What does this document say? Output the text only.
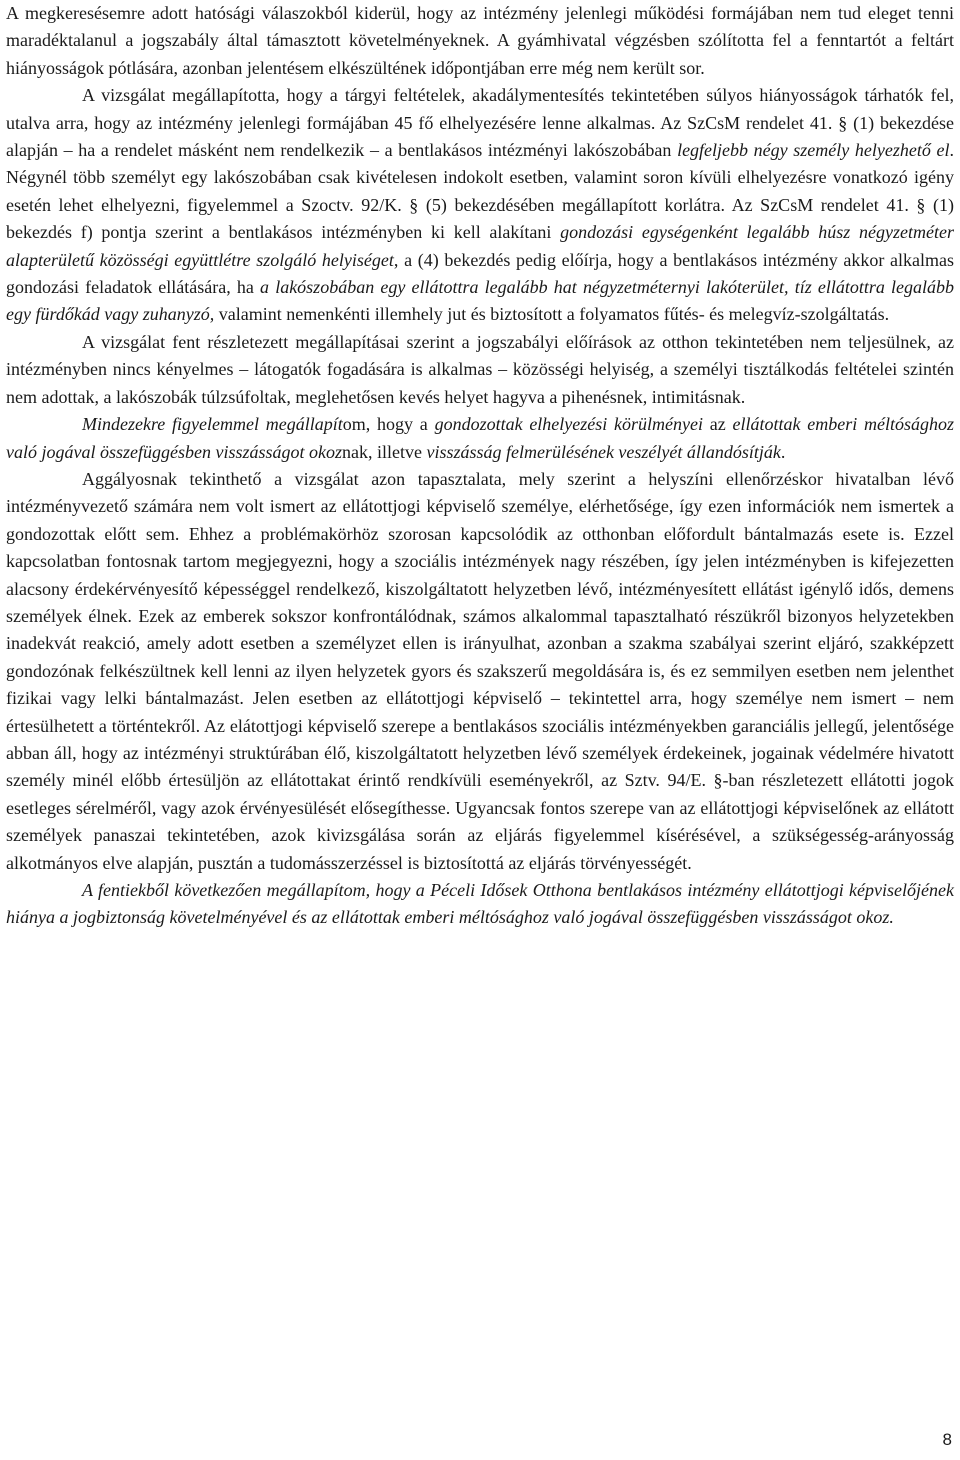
A megkeresésemre adott hatósági válaszokból kiderül, hogy az intézmény jelenlegi működési formájában nem tud eleget tenni maradéktalanul a jogszabály által támasztott követelményeknek. A gyámhivatal végzésben szólította fel a fenntartót a feltárt hiányosságok pótlására, azonban jelentésem elkészültének időpontjában erre még nem került sor.

A vizsgálat megállapította, hogy a tárgyi feltételek, akadálymentesítés tekintetében súlyos hiányosságok tárhatók fel, utalva arra, hogy az intézmény jelenlegi formájában 45 fő elhelyezésére lenne alkalmas. Az SzCsM rendelet 41. § (1) bekezdése alapján – ha a rendelet másként nem rendelkezik – a bentlakásos intézményi lakószobában legfeljebb négy személy helyezhető el. Négynél több személyt egy lakószobában csak kivételesen indokolt esetben, valamint soron kívüli elhelyezésre vonatkozó igény esetén lehet elhelyezni, figyelemmel a Szoctv. 92/K. § (5) bekezdésében megállapított korlátra. Az SzCsM rendelet 41. § (1) bekezdés f) pontja szerint a bentlakásos intézményben ki kell alakítani gondozási egységenként legalább húsz négyzetméter alapterületű közösségi együttlétre szolgáló helyiséget, a (4) bekezdés pedig előírja, hogy a bentlakásos intézmény akkor alkalmas gondozási feladatok ellátására, ha a lakószobában egy ellátottra legalább hat négyzetméternyi lakóterület, tíz ellátottra legalább egy fürdőkád vagy zuhanyzó, valamint nemenkénti illemhely jut és biztosított a folyamatos fűtés- és melegvíz-szolgáltatás.

A vizsgálat fent részletezett megállapításai szerint a jogszabályi előírások az otthon tekintetében nem teljesülnek, az intézményben nincs kényelmes – látogatók fogadására is alkalmas – közösségi helyiség, a személyi tisztálkodás feltételei szintén nem adottak, a lakószobák túlzsúfoltak, meglehetősen kevés helyet hagyva a pihenésnek, intimitásnak.

Mindezekre figyelemmel megállapítom, hogy a gondozottak elhelyezési körülményei az ellátottak emberi méltósághoz való jogával összefüggésben visszásságot okoznak, illetve visszásság felmerülésének veszélyét állandósítják.

Aggályosnak tekinthető a vizsgálat azon tapasztalata, mely szerint a helyszíni ellenőrzéskor hivatalban lévő intézményvezető számára nem volt ismert az ellátottjogi képviselő személye, elérhetősége, így ezen információk nem ismertek a gondozottak előtt sem. Ehhez a problémakörhöz szorosan kapcsolódik az otthonban előfordult bántalmazás esete is. Ezzel kapcsolatban fontosnak tartom megjegyezni, hogy a szociális intézmények nagy részében, így jelen intézményben is kifejezetten alacsony érdekérvényesítő képességgel rendelkező, kiszolgáltatott helyzetben lévő, intézményesített ellátást igénylő idős, demens személyek élnek. Ezek az emberek sokszor konfrontálódnak, számos alkalommal tapasztalható részükről bizonyos helyzetekben inadekvát reakció, amely adott esetben a személyzet ellen is irányulhat, azonban a szakma szabályai szerint eljáró, szakképzett gondozónak felkészültnek kell lenni az ilyen helyzetek gyors és szakszerű megoldására is, és ez semmilyen esetben nem jelenthet fizikai vagy lelki bántalmazást. Jelen esetben az ellátottjogi képviselő – tekintettel arra, hogy személye nem ismert – nem értesülhetett a történtekről. Az elátottjogi képviselő szerepe a bentlakásos szociális intézményekben garanciális jellegű, jelentősége abban áll, hogy az intézményi struktúrában élő, kiszolgáltatott helyzetben lévő személyek érdekeinek, jogainak védelmére hivatott személy minél előbb értesüljön az ellátottakat érintő rendkívüli eseményekről, az Sztv. 94/E. §-ban részletezett ellátotti jogok esetleges sérelméről, vagy azok érvényesülését elősegíthesse. Ugyancsak fontos szerepe van az ellátottjogi képviselőnek az ellátott személyek panaszai tekintetében, azok kivizsgálása során az eljárás figyelemmel kísérésével, a szükségesség-arányosság alkotmányos elve alapján, pusztán a tudomásszerzéssel is biztosítottá az eljárás törvényességét.

A fentiekből következően megállapítom, hogy a Péceli Idősek Otthona bentlakásos intézmény ellátottjogi képviselőjének hiánya a jogbiztonság követelményével és az ellátottak emberi méltósághoz való jogával összefüggésben visszásságot okoz.

8
